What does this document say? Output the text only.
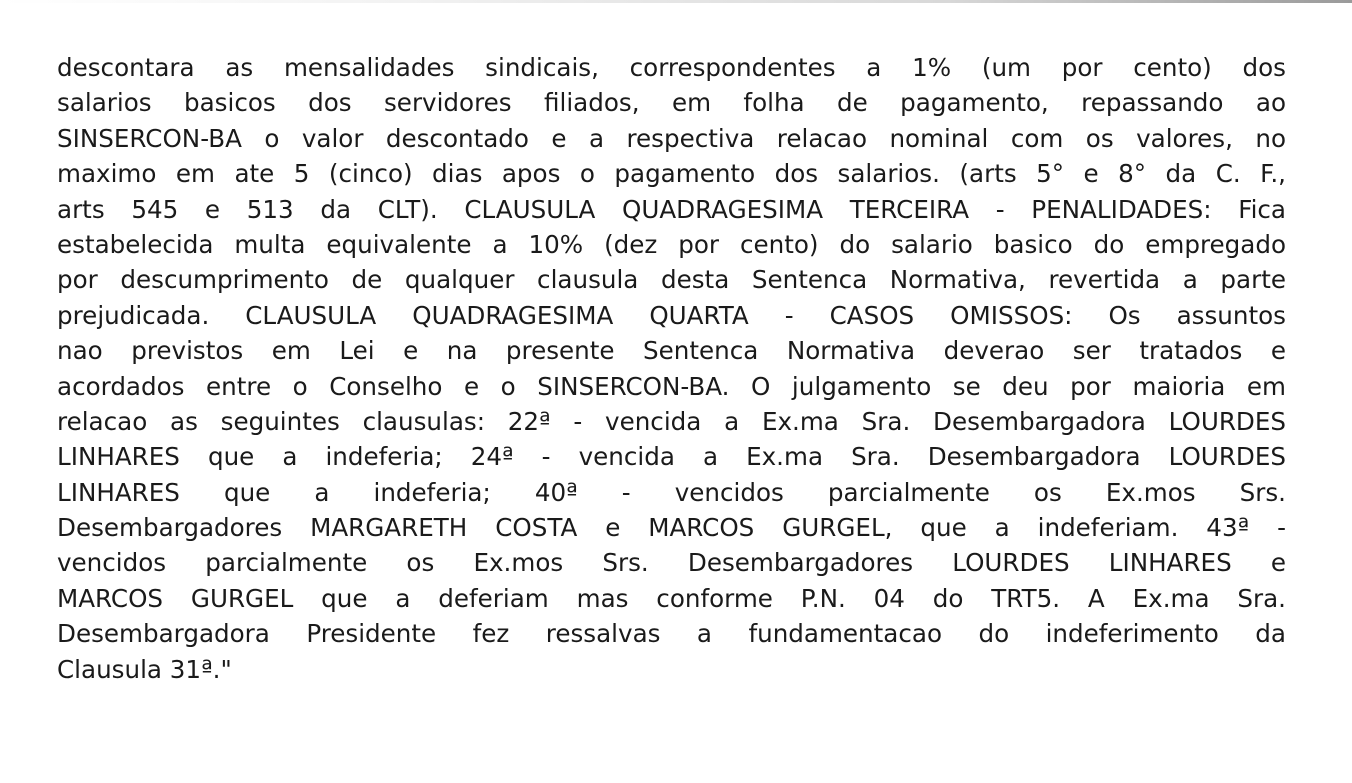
descontara as mensalidades sindicais, correspondentes a 1% (um por cento) dos
salarios basicos dos servidores filiados, em folha de pagamento, repassando ao
SINSERCON-BA o valor descontado e a respectiva relacao nominal com os valores, no
maximo em ate 5 (cinco) dias apos o pagamento dos salarios. (arts 5° e 8° da C. F.,
arts 545 e 513 da CLT). CLAUSULA QUADRAGESIMA TERCEIRA - PENALIDADES: Fica
estabelecida multa equivalente a 10% (dez por cento) do salario basico do empregado
por descumprimento de qualquer clausula desta Sentenca Normativa, revertida a parte
prejudicada. CLAUSULA QUADRAGESIMA QUARTA - CASOS OMISSOS: Os assuntos
nao previstos em Lei e na presente Sentenca Normativa deverao ser tratados e
acordados entre o Conselho e o SINSERCON-BA. O julgamento se deu por maioria em
relacao as seguintes clausulas: 22ª - vencida a Ex.ma Sra. Desembargadora LOURDES
LINHARES que a indeferia; 24ª - vencida a Ex.ma Sra. Desembargadora LOURDES
LINHARES que a indeferia; 40ª - vencidos parcialmente os Ex.mos Srs.
Desembargadores MARGARETH COSTA e MARCOS GURGEL, que a indeferiam. 43ª -
vencidos parcialmente os Ex.mos Srs. Desembargadores LOURDES LINHARES e
MARCOS GURGEL que a deferiam mas conforme P.N. 04 do TRT5. A Ex.ma Sra.
Desembargadora Presidente fez ressalvas a fundamentacao do indeferimento da
Clausula 31ª."
